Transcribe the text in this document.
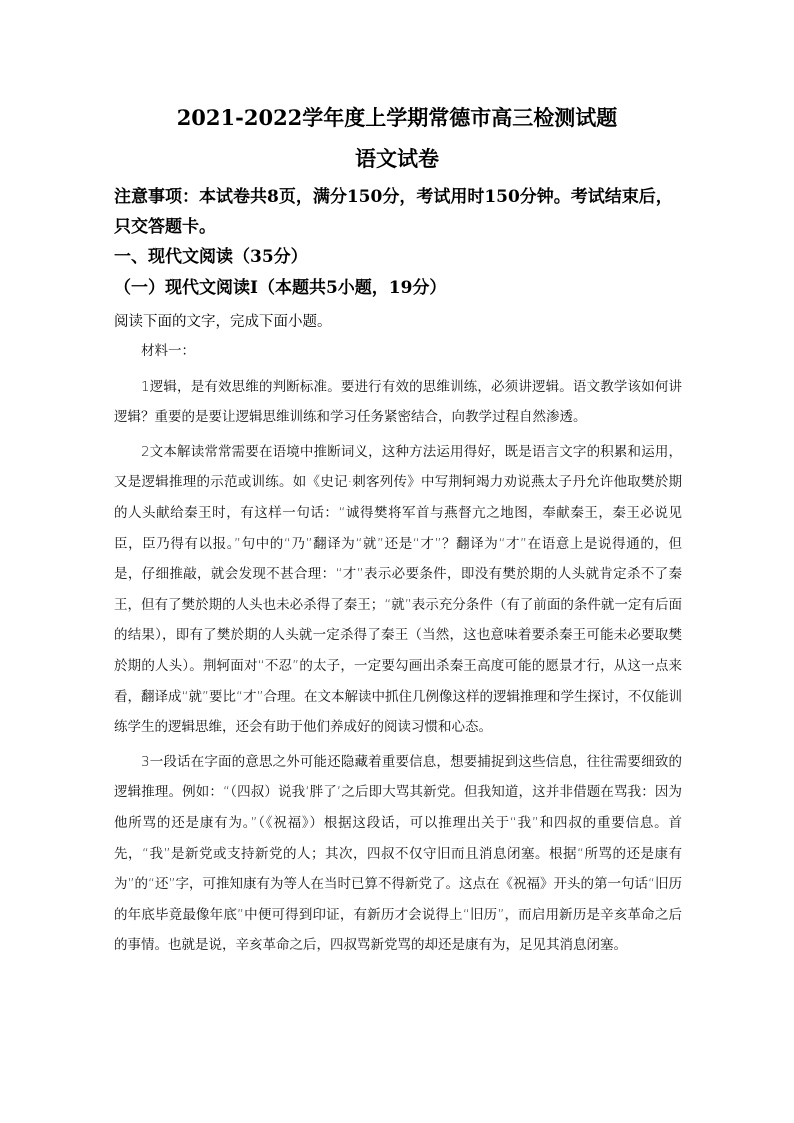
2021-2022学年度上学期常德市高三检测试题
语文试卷
注意事项：本试卷共8页，满分150分，考试用时150分钟。考试结束后，只交答题卡。
一、现代文阅读（35分）
（一）现代文阅读Ⅰ（本题共5小题，19分）
阅读下面的文字，完成下面小题。

材料一：

1逻辑，是有效思维的判断标准。要进行有效的思维训练，必须讲逻辑。语文教学该如何讲逻辑？重要的是要让逻辑思维训练和学习任务紧密结合，向教学过程自然渗透。

2文本解读常常需要在语境中推断词义，这种方法运用得好，既是语言文字的积累和运用，又是逻辑推理的示范或训练。如《史记·刺客列传》中写荆轲竭力劝说燕太子丹允许他取樊於期的人头献给秦王时，有这样一句话：“诚得樊将军首与燕督亢之地图，奉献秦王，秦王必说见臣，臣乃得有以报。”句中的“乃”翻译为“就”还是“才”？翻译为“才”在语意上是说得通的，但是，仔细推敲，就会发现不甚合理：“才”表示必要条件，即没有樊於期的人头就肯定杀不了秦王，但有了樊於期的人头也未必杀得了秦王；“就”表示充分条件（有了前面的条件就一定有后面的结果），即有了樊於期的人头就一定杀得了秦王（当然，这也意味着要杀秦王可能未必要取樊於期的人头）。荆轲面对“不忍”的太子，一定要勾画出杀秦王高度可能的愿景才行，从这一点来看，翻译成“就”要比“才”合理。在文本解读中抓住几例像这样的逻辑推理和学生探讨，不仅能训练学生的逻辑思维，还会有助于他们养成好的阅读习惯和心态。

3一段话在字面的意思之外可能还隐藏着重要信息，想要捕捉到这些信息，往往需要细致的逻辑推理。例如：“（四叔）说我‘胖了’之后即大骂其新党。但我知道，这并非借题在骂我：因为他所骂的还是康有为。”（《祝福》）根据这段话，可以推理出关于“我”和四叔的重要信息。首先，“我”是新党或支持新党的人；其次，四叔不仅守旧而且消息闭塞。根据“所骂的还是康有为”的“还”字，可推知康有为等人在当时已算不得新党了。这点在《祝福》开头的第一句话“旧历的年底毕竟最像年底”中便可得到印证，有新历才会说得上“旧历”，而启用新历是辛亥革命之后的事情。也就是说，辛亥革命之后，四叔骂新党骂的却还是康有为，足见其消息闭塞。
